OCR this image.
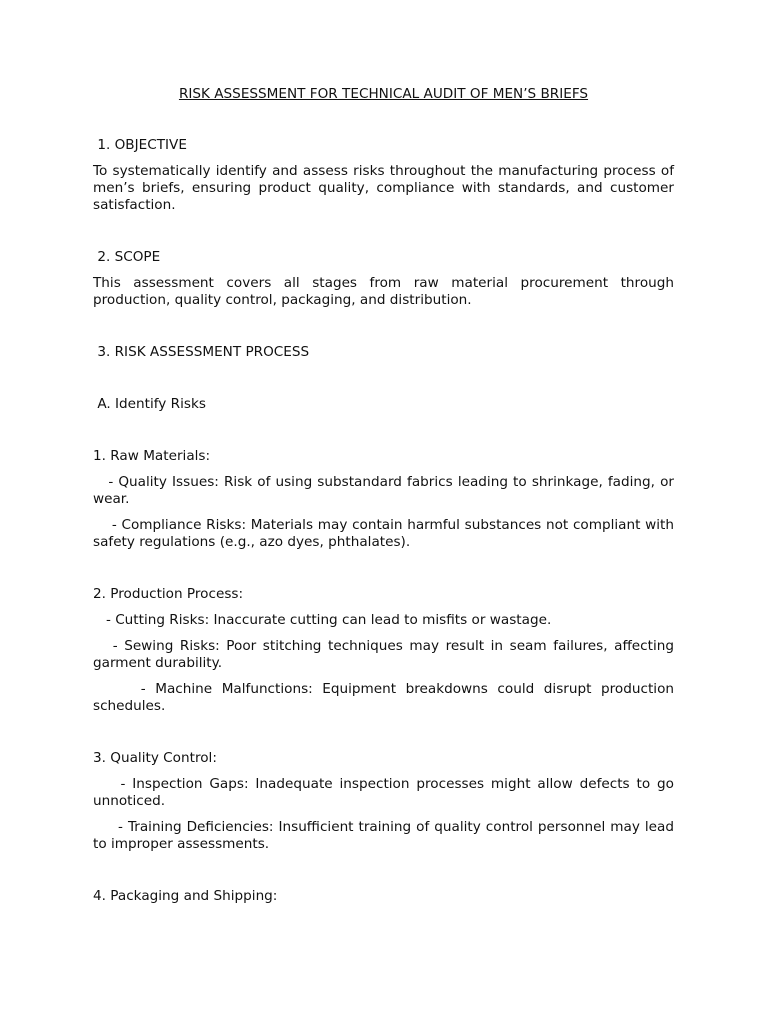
RISK ASSESSMENT FOR TECHNICAL AUDIT OF MEN’S BRIEFS
1. OBJECTIVE
To systematically identify and assess risks throughout the manufacturing process of men’s briefs, ensuring product quality, compliance with standards, and customer satisfaction.
2. SCOPE
This assessment covers all stages from raw material procurement through production, quality control, packaging, and distribution.
3. RISK ASSESSMENT PROCESS
A. Identify Risks
1. Raw Materials:
- Quality Issues: Risk of using substandard fabrics leading to shrinkage, fading, or wear.
- Compliance Risks: Materials may contain harmful substances not compliant with safety regulations (e.g., azo dyes, phthalates).
2. Production Process:
- Cutting Risks: Inaccurate cutting can lead to misfits or wastage.
- Sewing Risks: Poor stitching techniques may result in seam failures, affecting garment durability.
- Machine Malfunctions: Equipment breakdowns could disrupt production schedules.
3. Quality Control:
- Inspection Gaps: Inadequate inspection processes might allow defects to go unnoticed.
- Training Deficiencies: Insufficient training of quality control personnel may lead to improper assessments.
4. Packaging and Shipping:
